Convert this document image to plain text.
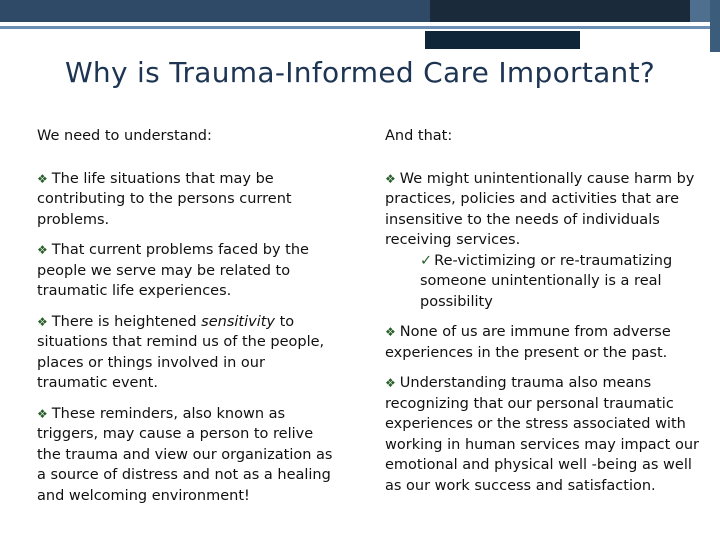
Why is Trauma-Informed Care Important?
We need to understand:
❖ The life situations that may be contributing to the persons current problems.
❖ That current problems faced by the people we serve may be related to traumatic life experiences.
❖ There is heightened sensitivity to situations that remind us of the people, places or things involved in our traumatic event.
❖ These reminders, also known as triggers, may cause a person to relive the trauma and view our organization as a source of distress and not as a healing and welcoming environment!
And that:
❖ We might unintentionally cause harm by practices, policies and activities that are insensitive to the needs of individuals receiving services.
✓ Re-victimizing or re-traumatizing someone unintentionally is a real possibility
❖ None of us are immune from adverse experiences in the present or the past.
❖ Understanding trauma also means recognizing that our personal traumatic experiences or the stress associated with working in human services may impact our emotional and physical well -being as well as our work success and satisfaction.
